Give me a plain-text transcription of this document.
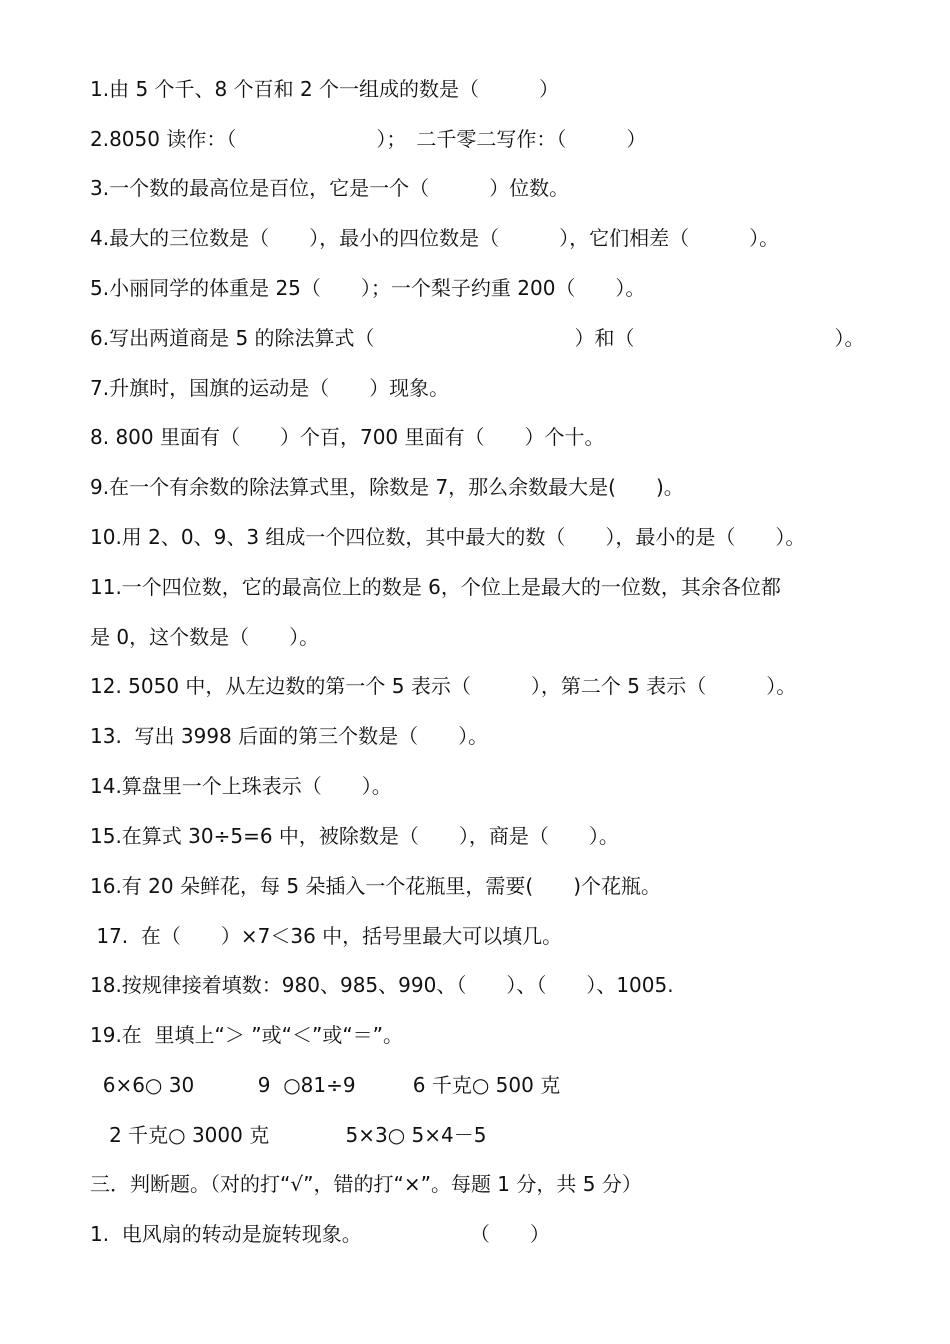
1.由 5 个千、8 个百和 2 个一组成的数是（　　　）
2.8050 读作：（　　　　　　　）；　二千零二写作：（　　　）
3.一个数的最高位是百位，它是一个（　　　）位数。
4.最大的三位数是（　　），最小的四位数是（　　　），它们相差（　　　）。
5.小丽同学的体重是 25（　　）；一个梨子约重 200（　　）。
6.写出两道商是 5 的除法算式（　　　　　　　　　　）和（　　　　　　　　　　）。
7.升旗时，国旗的运动是（　　）现象。
8. 800 里面有（　　）个百，700 里面有（　　）个十。
9.在一个有余数的除法算式里，除数是 7，那么余数最大是(　　)。
10.用 2、0、9、3 组成一个四位数，其中最大的数（　　），最小的是（　　）。
11.一个四位数，它的最高位上的数是 6，个位上是最大的一位数，其余各位都
是 0，这个数是（　　）。
12. 5050 中，从左边数的第一个 5 表示（　　　），第二个 5 表示（　　　）。
13.  写出 3998 后面的第三个数是（　　）。
14.算盘里一个上珠表示（　　）。
15.在算式 30÷5=6 中，被除数是（　　），商是（　　）。
16.有 20 朵鲜花，每 5 朵插入一个花瓶里，需要(　　)个花瓶。
17.  在（　　）×7＜36 中，括号里最大可以填几。
18.按规律接着填数：980、985、990、（　　）、（　　）、1005.
19.在  里填上“＞ ”或“＜”或“＝”。
6×6○ 30          9  ○81÷9         6 千克○ 500 克
2 千克○ 3000 克            5×3○ 5×4－5
三．判断题。（对的打“√”，错的打“×”。每题 1 分，共 5 分）
1.  电风扇的转动是旋转现象。                 （　　）
